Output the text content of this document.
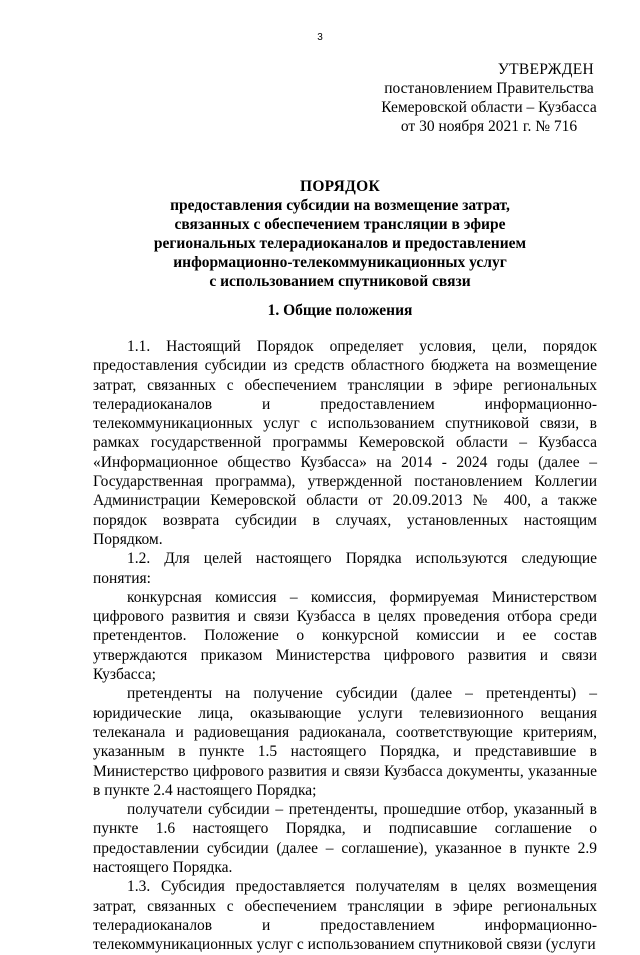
3
УТВЕРЖДЕН
постановлением Правительства
Кемеровской области – Кузбасса
от 30 ноября 2021 г. № 716
ПОРЯДОК
предоставления субсидии на возмещение затрат,
связанных с обеспечением трансляции в эфире
региональных телерадиоканалов и предоставлением
информационно-телекоммуникационных услуг
с использованием спутниковой связи
1. Общие положения

1.1. Настоящий Порядок определяет условия, цели, порядок предоставления субсидии из средств областного бюджета на возмещение затрат, связанных с обеспечением трансляции в эфире региональных телерадиоканалов и предоставлением информационно-телекоммуникационных услуг с использованием спутниковой связи, в рамках государственной программы Кемеровской области – Кузбасса «Информационное общество Кузбасса» на 2014 - 2024 годы (далее – Государственная программа), утвержденной постановлением Коллегии Администрации Кемеровской области от 20.09.2013 № 400, а также порядок возврата субсидии в случаях, установленных настоящим Порядком.

1.2. Для целей настоящего Порядка используются следующие понятия:

конкурсная комиссия – комиссия, формируемая Министерством цифрового развития и связи Кузбасса в целях проведения отбора среди претендентов. Положение о конкурсной комиссии и ее состав утверждаются приказом Министерства цифрового развития и связи Кузбасса;

претенденты на получение субсидии (далее – претенденты) – юридические лица, оказывающие услуги телевизионного вещания телеканала и радиовещания радиоканала, соответствующие критериям, указанным в пункте 1.5 настоящего Порядка, и представившие в Министерство цифрового развития и связи Кузбасса документы, указанные в пункте 2.4 настоящего Порядка;

получатели субсидии – претенденты, прошедшие отбор, указанный в пункте 1.6 настоящего Порядка, и подписавшие соглашение о предоставлении субсидии (далее – соглашение), указанное в пункте 2.9 настоящего Порядка.

1.3. Субсидия предоставляется получателям в целях возмещения затрат, связанных с обеспечением трансляции в эфире региональных телерадиоканалов и предоставлением информационно-телекоммуникационных услуг с использованием спутниковой связи (услуги
